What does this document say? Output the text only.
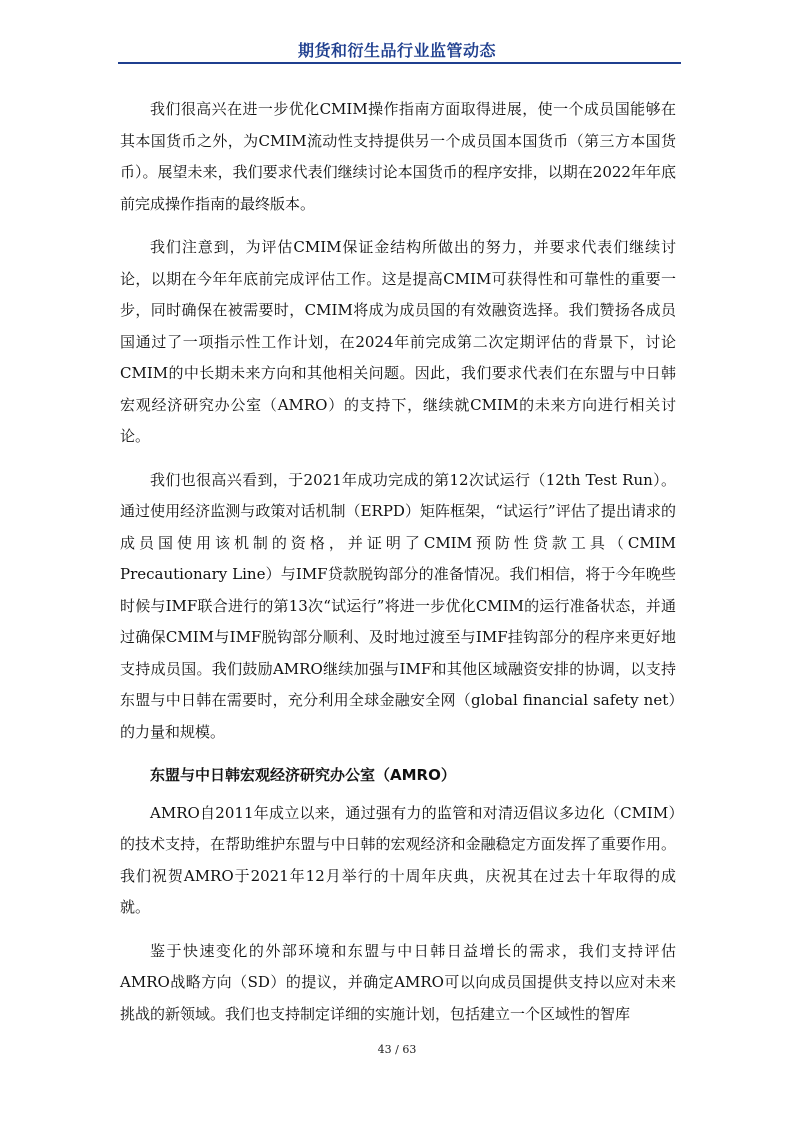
期货和衍生品行业监管动态

我们很高兴在进一步优化CMIM操作指南方面取得进展，使一个成员国能够在其本国货币之外，为CMIM流动性支持提供另一个成员国本国货币（第三方本国货币）。展望未来，我们要求代表们继续讨论本国货币的程序安排，以期在2022年年底前完成操作指南的最终版本。

我们注意到，为评估CMIM保证金结构所做出的努力，并要求代表们继续讨论，以期在今年年底前完成评估工作。这是提高CMIM可获得性和可靠性的重要一步，同时确保在被需要时，CMIM将成为成员国的有效融资选择。我们赞扬各成员国通过了一项指示性工作计划，在2024年前完成第二次定期评估的背景下，讨论CMIM的中长期未来方向和其他相关问题。因此，我们要求代表们在东盟与中日韩宏观经济研究办公室（AMRO）的支持下，继续就CMIM的未来方向进行相关讨论。

我们也很高兴看到，于2021年成功完成的第12次试运行（12th Test Run）。通过使用经济监测与政策对话机制（ERPD）矩阵框架，“试运行”评估了提出请求的成员国使用该机制的资格，并证明了CMIM预防性贷款工具（CMIM Precautionary Line）与IMF贷款脱钩部分的准备情况。我们相信，将于今年晚些时候与IMF联合进行的第13次“试运行”将进一步优化CMIM的运行准备状态，并通过确保CMIM与IMF脱钩部分顺利、及时地过渡至与IMF挂钩部分的程序来更好地支持成员国。我们鼓励AMRO继续加强与IMF和其他区域融资安排的协调，以支持东盟与中日韩在需要时，充分利用全球金融安全网（global financial safety net）的力量和规模。

东盟与中日韩宏观经济研究办公室（AMRO）

AMRO自2011年成立以来，通过强有力的监管和对清迈倡议多边化（CMIM）的技术支持，在帮助维护东盟与中日韩的宏观经济和金融稳定方面发挥了重要作用。我们祝贺AMRO于2021年12月举行的十周年庆典，庆祝其在过去十年取得的成就。

鉴于快速变化的外部环境和东盟与中日韩日益增长的需求，我们支持评估AMRO战略方向（SD）的提议，并确定AMRO可以向成员国提供支持以应对未来挑战的新领域。我们也支持制定详细的实施计划，包括建立一个区域性的智库

43 / 63
